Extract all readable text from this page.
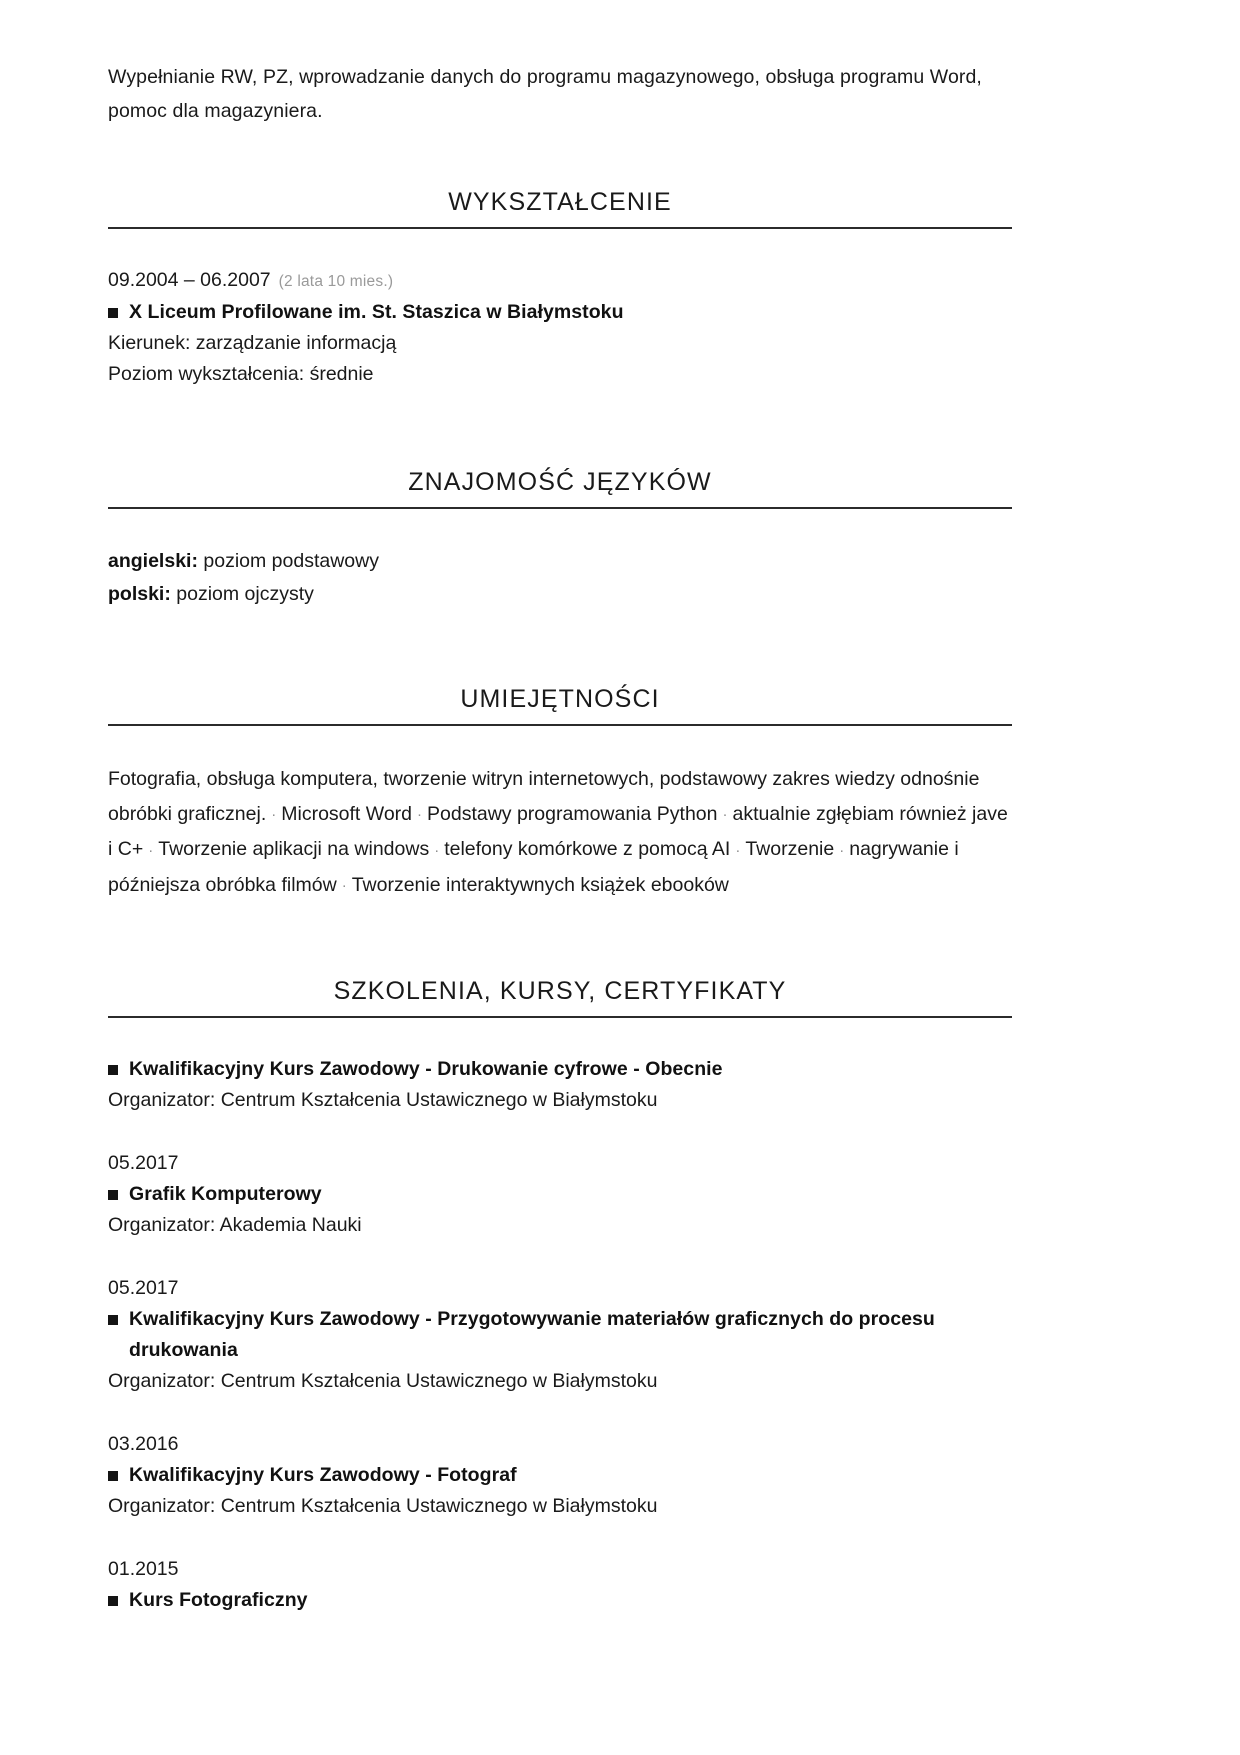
Wypełnianie RW, PZ, wprowadzanie danych do programu magazynowego, obsługa programu Word, pomoc dla magazyniera.

WYKSZTAŁCENIE
09.2004 – 06.2007 (2 lata 10 mies.)
X Liceum Profilowane im. St. Staszica w Białymstoku
Kierunek: zarządzanie informacją
Poziom wykształcenia: średnie
ZNAJOMOŚĆ JĘZYKÓW
angielski: poziom podstawowy
polski: poziom ojczysty
UMIEJĘTNOŚCI
Fotografia, obsługa komputera, tworzenie witryn internetowych, podstawowy zakres wiedzy odnośnie obróbki graficznej. · Microsoft Word · Podstawy programowania Python · aktualnie zgłębiam również jave i C+ · Tworzenie aplikacji na windows · telefony komórkowe z pomocą AI · Tworzenie · nagrywanie i późniejsza obróbka filmów · Tworzenie interaktywnych książek ebooków
SZKOLENIA, KURSY, CERTYFIKATY
Kwalifikacyjny Kurs Zawodowy - Drukowanie cyfrowe - Obecnie
Organizator: Centrum Kształcenia Ustawicznego w Białymstoku
05.2017
Grafik Komputerowy
Organizator: Akademia Nauki
05.2017
Kwalifikacyjny Kurs Zawodowy - Przygotowywanie materiałów graficznych do procesu drukowania
Organizator: Centrum Kształcenia Ustawicznego w Białymstoku
03.2016
Kwalifikacyjny Kurs Zawodowy - Fotograf
Organizator: Centrum Kształcenia Ustawicznego w Białymstoku
01.2015
Kurs Fotograficzny
